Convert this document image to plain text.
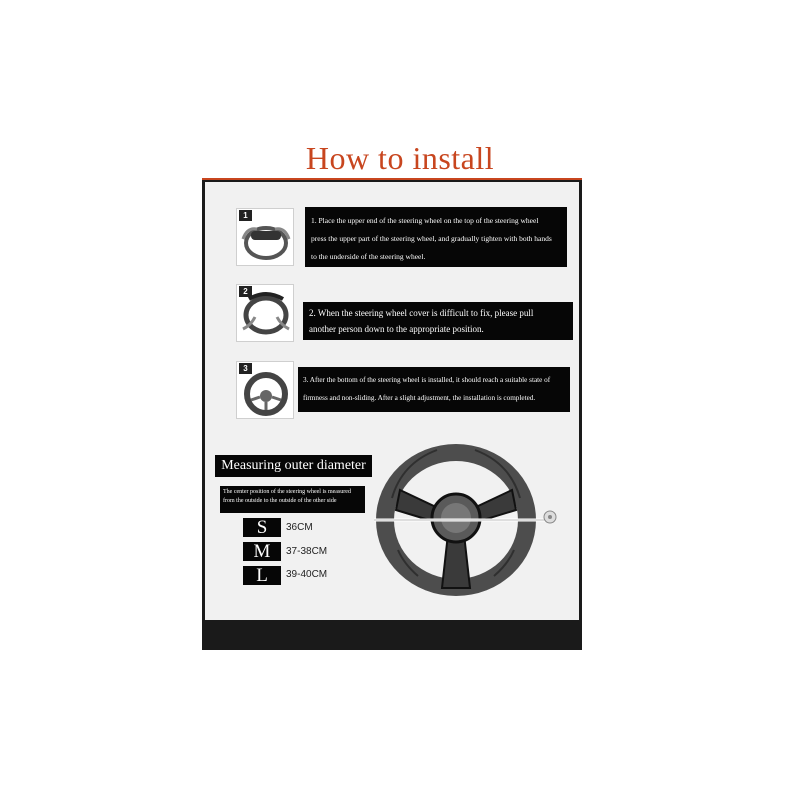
How to install
1
1. Place the upper end of the steering wheel on the top of the steering wheel
press the upper part of the steering wheel, and gradually tighten with both hands
to the underside of the steering wheel.
2
2. When the steering wheel cover is difficult to fix, please pull
another person down to the appropriate position.
3
3. After the bottom of the steering wheel is installed, it should reach a suitable state of
firmness and non-sliding. After a slight adjustment, the installation is completed.
Measuring outer diameter
The center position of the steering wheel is measured
from the outside to the outside of the other side
S	36CM
M	37-38CM
L	39-40CM
